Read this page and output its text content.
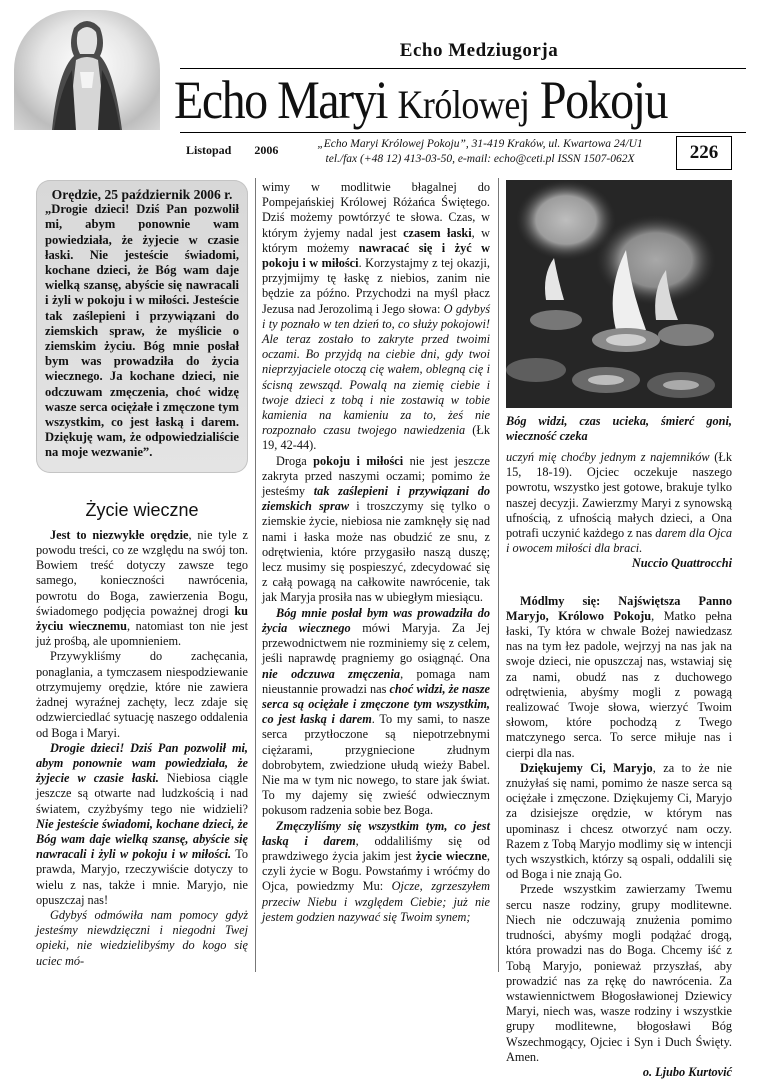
Echo Medziugorja
Echo Maryi Królowej Pokoju
Listopad 2006	„Echo Maryi Królowej Pokoju”, 31-419 Kraków, ul. Kwartowa 24/U1
tel./fax (+48 12) 413-03-50, e-mail: echo@ceti.pl ISSN 1507-062X	226
Orędzie, 25 październik 2006 r.
„Drogie dzieci! Dziś Pan pozwolił mi, abym ponownie wam powiedziała, że żyjecie w czasie łaski. Nie jesteście świadomi, kochane dzieci, że Bóg wam daje wielką szansę, abyście się nawracali i żyli w pokoju i w miłości. Jesteście tak zaślepieni i przywiązani do ziemskich spraw, że myślicie o ziemskim życiu. Bóg mnie posłał bym was prowadziła do życia wiecznego. Ja kochane dzieci, nie odczuwam zmęczenia, choć widzę wasze serca ociężałe i zmęczone tym wszystkim, co jest łaską i darem. Dziękuję wam, że odpowiedzialiście na moje wezwanie”.
Życie wieczne

Jest to niezwykłe orędzie, nie tyle z powodu treści, co ze względu na swój ton. Bowiem treść dotyczy zawsze tego samego, konieczności nawrócenia, powrotu do Boga, zawierzenia Bogu, świadomego podjęcia poważnej drogi ku życiu wiecznemu, natomiast ton nie jest już prośbą, ale upomnieniem.

Przywykliśmy do zachęcania, ponaglania, a tymczasem niespodziewanie otrzymujemy orędzie, które nie zawiera żadnej wyraźnej zachęty, lecz zdaje się odzwierciedlać sytuację naszego oddalenia od Boga i Maryi.

Drogie dzieci! Dziś Pan pozwolił mi, abym ponownie wam powiedziała, że żyjecie w czasie łaski. Niebiosa ciągle jeszcze są otwarte nad ludzkością i nad światem, czyżbyśmy tego nie widzieli? Nie jesteście świadomi, kochane dzieci, że Bóg wam daje wielką szansę, abyście się nawracali i żyli w pokoju i w miłości. To prawda, Maryjo, rzeczywiście dotyczy to wielu z nas, także i mnie. Maryjo, nie opuszczaj nas!

Gdybyś odmówiła nam pomocy gdyż jesteśmy niewdzięczni i niegodni Twej opieki, nie wiedzielibyśmy do kogo się uciec mó-

wimy w modlitwie błagalnej do Pompejańskiej Królowej Różańca Świętego. Dziś możemy powtórzyć te słowa. Czas, w którym żyjemy nadal jest czasem łaski, w którym możemy nawracać się i żyć w pokoju i w miłości. Korzystajmy z tej okazji, przyjmijmy tę łaskę z niebios, zanim nie będzie za późno. Przychodzi na myśl płacz Jezusa nad Jerozolimą i Jego słowa: O gdybyś i ty poznało w ten dzień to, co służy pokojowi! Ale teraz zostało to zakryte przed twoimi oczami. Bo przyjdą na ciebie dni, gdy twoi nieprzyjaciele otoczą cię wałem, oblegną cię i ścisną zewsząd. Powalą na ziemię ciebie i twoje dzieci z tobą i nie zostawią w tobie kamienia na kamieniu za to, żeś nie rozpoznało czasu twojego nawiedzenia (Łk 19, 42-44).

Droga pokoju i miłości nie jest jeszcze zakryta przed naszymi oczami; pomimo że jesteśmy tak zaślepieni i przywiązani do ziemskich spraw i troszczymy się tylko o ziemskie życie, niebiosa nie zamknęły się nad nami i łaska może nas obudzić ze snu, z odrętwienia, które przygasiło naszą duszę; lecz musimy się pospieszyć, zdecydować się z całą powagą na całkowite nawrócenie, tak jak Maryja prosiła nas w ubiegłym miesiącu.

Bóg mnie posłał bym was prowadziła do życia wiecznego mówi Maryja. Za Jej przewodnictwem nie rozminiemy się z celem, jeśli naprawdę pragniemy go osiągnąć. Ona nie odczuwa zmęczenia, pomaga nam nieustannie prowadzi nas choć widzi, że nasze serca są ociężałe i zmęczone tym wszystkim, co jest łaską i darem. To my sami, to nasze serca przytłoczone są niepotrzebnymi ciężarami, przygniecione złudnym dobrobytem, zwiedzione ułudą wieży Babel. Nie ma w tym nic nowego, to stare jak świat. To my dajemy się zwieść odwiecznym pokusom radzenia sobie bez Boga.

Zmęczyliśmy się wszystkim tym, co jest łaską i darem, oddaliliśmy się od prawdziwego życia jakim jest życie wieczne, czyli życie w Bogu. Powstańmy i wróćmy do Ojca, powiedzmy Mu: Ojcze, zgrzeszyłem przeciw Niebu i względem Ciebie; już nie jestem godzien nazywać się Twoim synem;

Bóg widzi, czas ucieka, śmierć goni, wieczność czeka

uczyń mię choćby jednym z najemników (Łk 15, 18-19). Ojciec oczekuje naszego powrotu, wszystko jest gotowe, brakuje tylko naszej decyzji. Zawierzmy Maryi z synowską ufnością, z ufnością małych dzieci, a Ona potrafi uczynić każdego z nas darem dla Ojca i owocem miłości dla braci.

Nuccio Quattrocchi

Módlmy się: Najświętsza Panno Maryjo, Królowo Pokoju, Matko pełna łaski, Ty która w chwale Bożej nawiedzasz nas na tym łez padole, wejrzyj na nas jak na swoje dzieci, nie opuszczaj nas, wstawiaj się za nami, obudź nas z duchowego odrętwienia, abyśmy mogli z powagą realizować Twoje słowa, wierzyć Twoim słowom, które pochodzą z Twego matczynego serca. To serce miłuje nas i cierpi dla nas.

Dziękujemy Ci, Maryjo, za to że nie znużyłaś się nami, pomimo że nasze serca są ociężałe i zmęczone. Dziękujemy Ci, Maryjo za dzisiejsze orędzie, w którym nas upominasz i chcesz otworzyć nam oczy. Razem z Tobą Maryjo modlimy się w intencji tych wszystkich, którzy są ospali, oddalili się od Boga i nie znają Go.

Przede wszystkim zawierzamy Twemu sercu nasze rodziny, grupy modlitewne. Niech nie odczuwają znużenia pomimo trudności, abyśmy mogli podążać drogą, która prowadzi nas do Boga. Chcemy iść z Tobą Maryjo, ponieważ przyszłaś, aby prowadzić nas za rękę do nawrócenia. Za wstawiennictwem Błogosławionej Dziewicy Maryi, niech was, wasze rodziny i wszystkie grupy modlitewne, błogosławi Bóg Wszechmogący, Ojciec i Syn i Duch Święty. Amen.

o. Ljubo Kurtović
